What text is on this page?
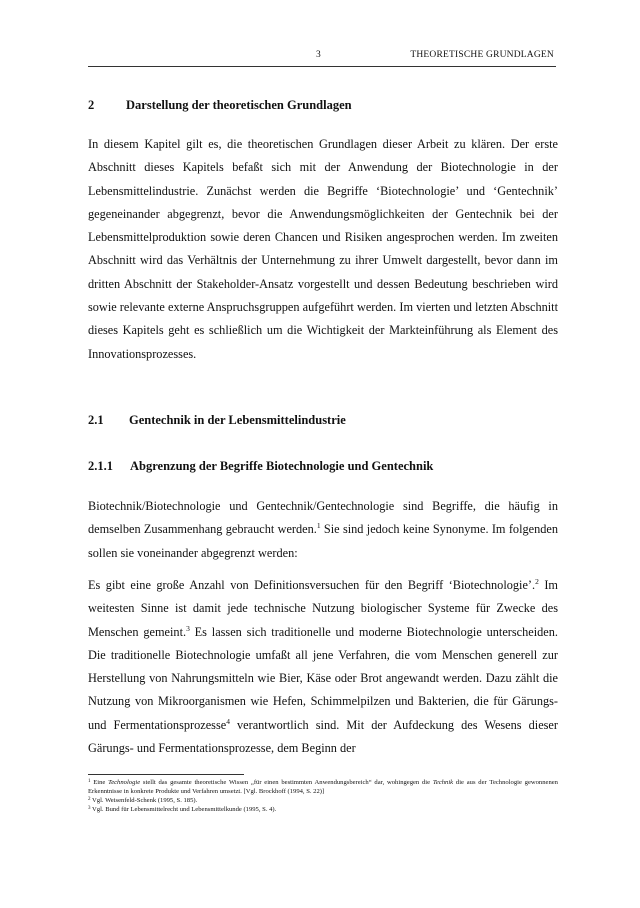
3	THEORETISCHE GRUNDLAGEN
2	Darstellung der theoretischen Grundlagen

In diesem Kapitel gilt es, die theoretischen Grundlagen dieser Arbeit zu klären. Der erste Abschnitt dieses Kapitels befaßt sich mit der Anwendung der Biotechnologie in der Lebensmittelindustrie. Zunächst werden die Begriffe ‘Biotechnologie’ und ‘Gentechnik’ gegeneinander abgegrenzt, bevor die Anwendungsmöglichkeiten der Gentechnik bei der Lebensmittelproduktion sowie deren Chancen und Risiken angesprochen werden. Im zweiten Abschnitt wird das Verhältnis der Unternehmung zu ihrer Umwelt dargestellt, bevor dann im dritten Abschnitt der Stakeholder-Ansatz vorgestellt und dessen Bedeutung beschrieben wird sowie relevante externe Anspruchsgruppen aufgeführt werden. Im vierten und letzten Abschnitt dieses Kapitels geht es schließlich um die Wichtigkeit der Markteinführung als Element des Innovationsprozesses.

2.1 Gentechnik in der Lebensmittelindustrie
2.1.1 Abgrenzung der Begriffe Biotechnologie und Gentechnik

Biotechnik/Biotechnologie und Gentechnik/Gentechnologie sind Begriffe, die häufig in demselben Zusammenhang gebraucht werden.$^1$ Sie sind jedoch keine Synonyme. Im folgenden sollen sie voneinander abgegrenzt werden:

Es gibt eine große Anzahl von Definitionsversuchen für den Begriff ‘Biotechnologie’.$^2$ Im weitesten Sinne ist damit jede technische Nutzung biologischer Systeme für Zwecke des Menschen gemeint.$^3$ Es lassen sich traditionelle und moderne Biotechnologie unterscheiden. Die traditionelle Biotechnologie umfaßt all jene Verfahren, die vom Menschen generell zur Herstellung von Nahrungsmitteln wie Bier, Käse oder Brot angewandt werden. Dazu zählt die Nutzung von Mikroorganismen wie Hefen, Schimmelpilzen und Bakterien, die für Gärungs- und Fermentationsprozesse$^4$ verantwortlich sind. Mit der Aufdeckung des Wesens dieser Gärungs- und Fermentationsprozesse, dem Beginn der

$^1$ Eine Technologie stellt das gesamte theoretische Wissen „für einen bestimmten Anwendungsbereich“ dar, wohingegen die Technik die aus der Technologie gewonnenen Erkenntnisse in konkrete Produkte und Verfahren umsetzt. [Vgl. Brockhoff (1994, S. 22)]

$^2$ Vgl. Weisenfeld-Schenk (1995, S. 185).

$^3$ Vgl. Bund für Lebensmittelrecht und Lebensmittelkunde (1995, S. 4).
